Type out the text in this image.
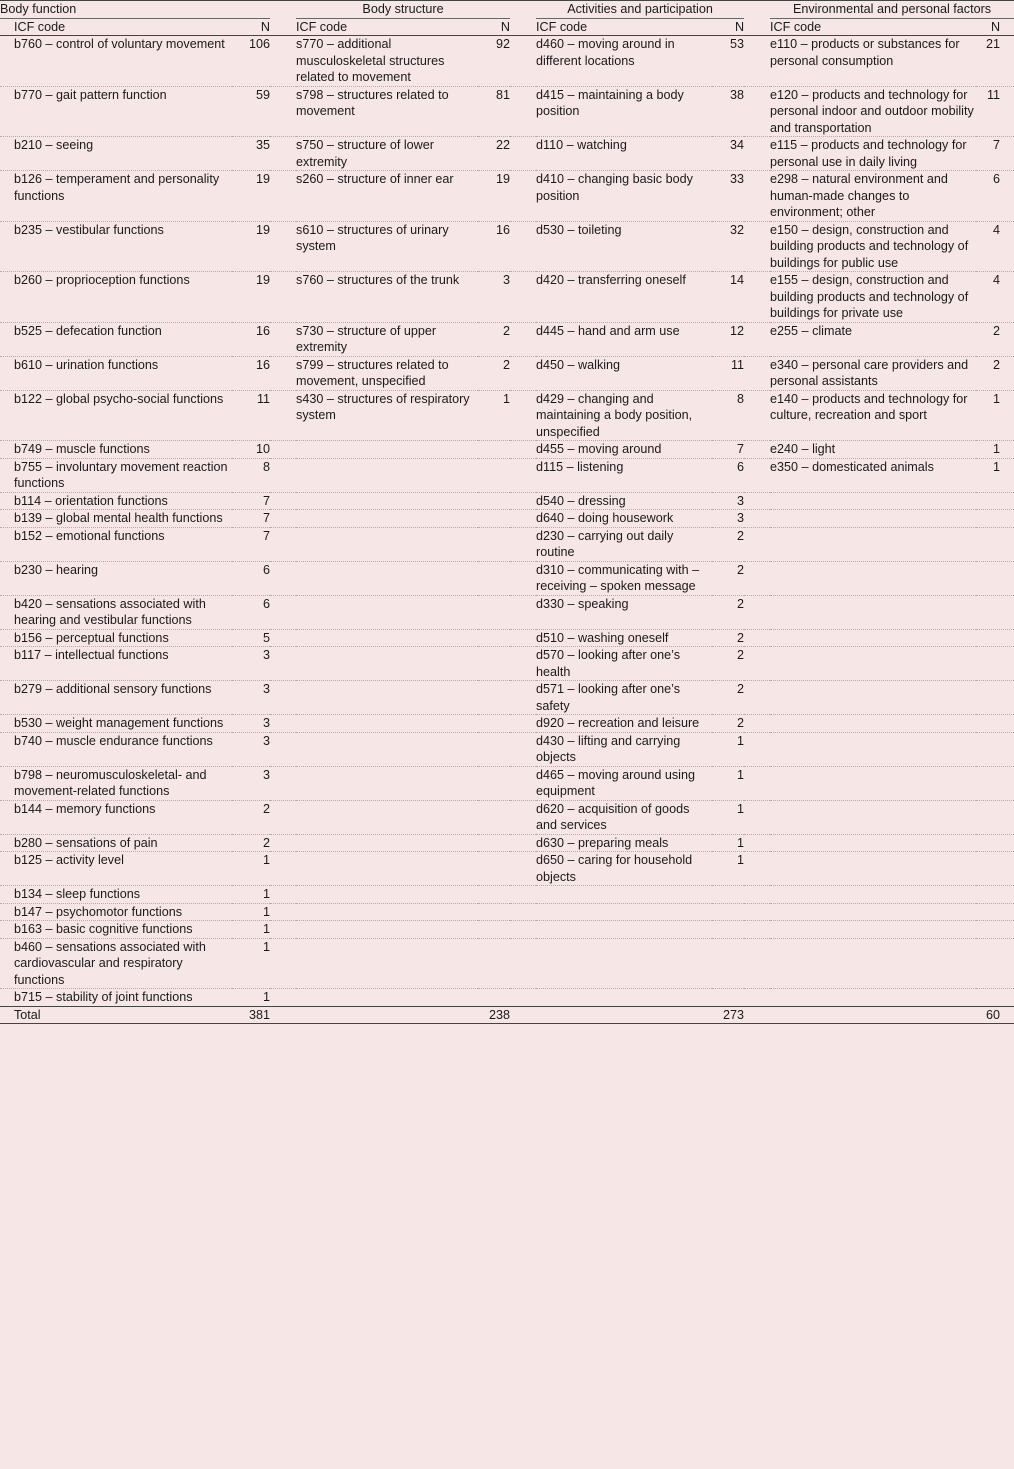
Body function			Body structure			Activities and participation			Environmental and personal factors	
ICF code	N		ICF code	N		ICF code	N		ICF code	N
b760 – control of voluntary movement	106		s770 – additional musculoskeletal structures related to movement	92		d460 – moving around in different locations	53		e110 – products or substances for personal consumption	21
b770 – gait pattern function	59		s798 – structures related to movement	81		d415 – maintaining a body position	38		e120 – products and technology for personal indoor and outdoor mobility and transportation	11
b210 – seeing	35		s750 – structure of lower extremity	22		d110 – watching	34		e115 – products and technology for personal use in daily living	7
b126 – temperament and personality functions	19		s260 – structure of inner ear	19		d410 – changing basic body position	33		e298 – natural environment and human-made changes to environment; other	6
b235 – vestibular functions	19		s610 – structures of urinary system	16		d530 – toileting	32		e150 – design, construction and building products and technology of buildings for public use	4
b260 – proprioception functions	19		s760 – structures of the trunk	3		d420 – transferring oneself	14		e155 – design, construction and building products and technology of buildings for private use	4
b525 – defecation function	16		s730 – structure of upper extremity	2		d445 – hand and arm use	12		e255 – climate	2
b610 – urination functions	16		s799 – structures related to movement, unspecified	2		d450 – walking	11		e340 – personal care providers and personal assistants	2
b122 – global psycho-social functions	11		s430 – structures of respiratory system	1		d429 – changing and maintaining a body position, unspecified	8		e140 – products and technology for culture, recreation and sport	1
b749 – muscle functions	10					d455 – moving around	7		e240 – light	1
b755 – involuntary movement reaction functions	8					d115 – listening	6		e350 – domesticated animals	1
b114 – orientation functions	7					d540 – dressing	3			
b139 – global mental health functions	7					d640 – doing housework	3			
b152 – emotional functions	7					d230 – carrying out daily routine	2			
b230 – hearing	6					d310 – communicating with – receiving – spoken message	2			
b420 – sensations associated with hearing and vestibular functions	6					d330 – speaking	2			
b156 – perceptual functions	5					d510 – washing oneself	2			
b117 – intellectual functions	3					d570 – looking after one’s health	2			
b279 – additional sensory functions	3					d571 – looking after one’s safety	2			
b530 – weight management functions	3					d920 – recreation and leisure	2			
b740 – muscle endurance functions	3					d430 – lifting and carrying objects	1			
b798 – neuromusculoskeletal- and movement-related functions	3					d465 – moving around using equipment	1			
b144 – memory functions	2					d620 – acquisition of goods and services	1			
b280 – sensations of pain	2					d630 – preparing meals	1			
b125 – activity level	1					d650 – caring for household objects	1			
b134 – sleep functions	1									
b147 – psychomotor functions	1									
b163 – basic cognitive functions	1									
b460 – sensations associated with cardiovascular and respiratory functions	1									
b715 – stability of joint functions	1									
Total	381			238			273			60
